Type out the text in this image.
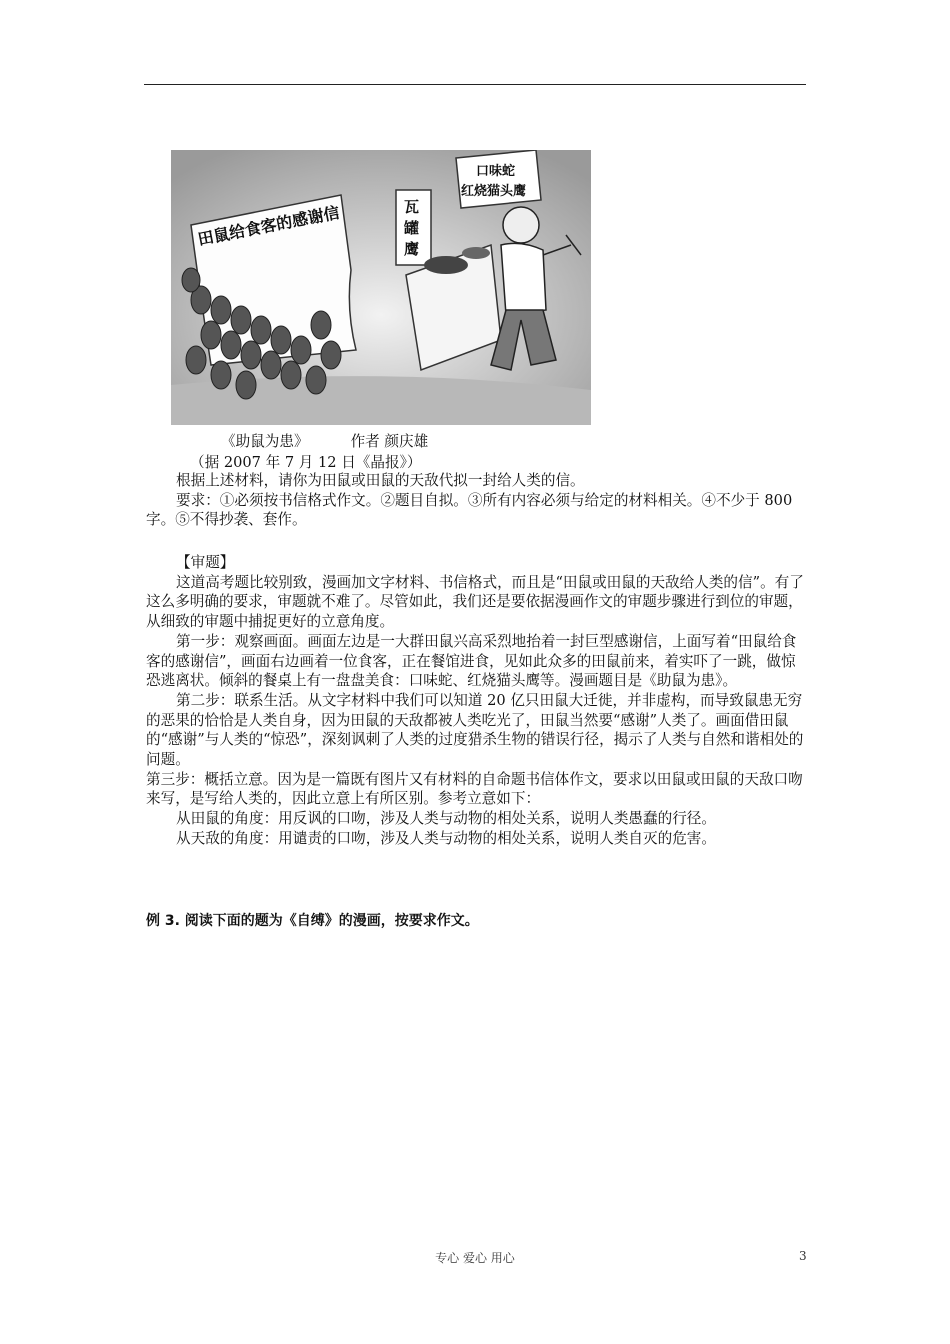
田鼠给食客的感谢信	瓦
罐
鹰
口味蛇
红烧猫头鹰
《助鼠为患》	作者 颜庆雄
（据 2007 年 7 月 12 日《晶报》）

根据上述材料，请你为田鼠或田鼠的天敌代拟一封给人类的信。

要求：①必须按书信格式作文。②题目自拟。③所有内容必须与给定的材料相关。④不少于 800 字。⑤不得抄袭、套作。

【审题】

这道高考题比较别致，漫画加文字材料、书信格式，而且是“田鼠或田鼠的天敌给人类的信”。有了这么多明确的要求，审题就不难了。尽管如此，我们还是要依据漫画作文的审题步骤进行到位的审题，从细致的审题中捕捉更好的立意角度。

第一步：观察画面。画面左边是一大群田鼠兴高采烈地抬着一封巨型感谢信，上面写着“田鼠给食客的感谢信”，画面右边画着一位食客，正在餐馆进食，见如此众多的田鼠前来，着实吓了一跳，做惊恐逃离状。倾斜的餐桌上有一盘盘美食：口味蛇、红烧猫头鹰等。漫画题目是《助鼠为患》。

第二步：联系生活。从文字材料中我们可以知道 20 亿只田鼠大迁徙，并非虚构，而导致鼠患无穷的恶果的恰恰是人类自身，因为田鼠的天敌都被人类吃光了，田鼠当然要“感谢”人类了。画面借田鼠的“感谢”与人类的“惊恐”，深刻讽刺了人类的过度猎杀生物的错误行径，揭示了人类与自然和谐相处的问题。

第三步：概括立意。因为是一篇既有图片又有材料的自命题书信体作文，要求以田鼠或田鼠的天敌口吻来写，是写给人类的，因此立意上有所区别。参考立意如下：

从田鼠的角度：用反讽的口吻，涉及人类与动物的相处关系，说明人类愚蠢的行径。

从天敌的角度：用谴责的口吻，涉及人类与动物的相处关系，说明人类自灭的危害。

例 3. 阅读下面的题为《自缚》的漫画，按要求作文。
专心 爱心 用心	3
